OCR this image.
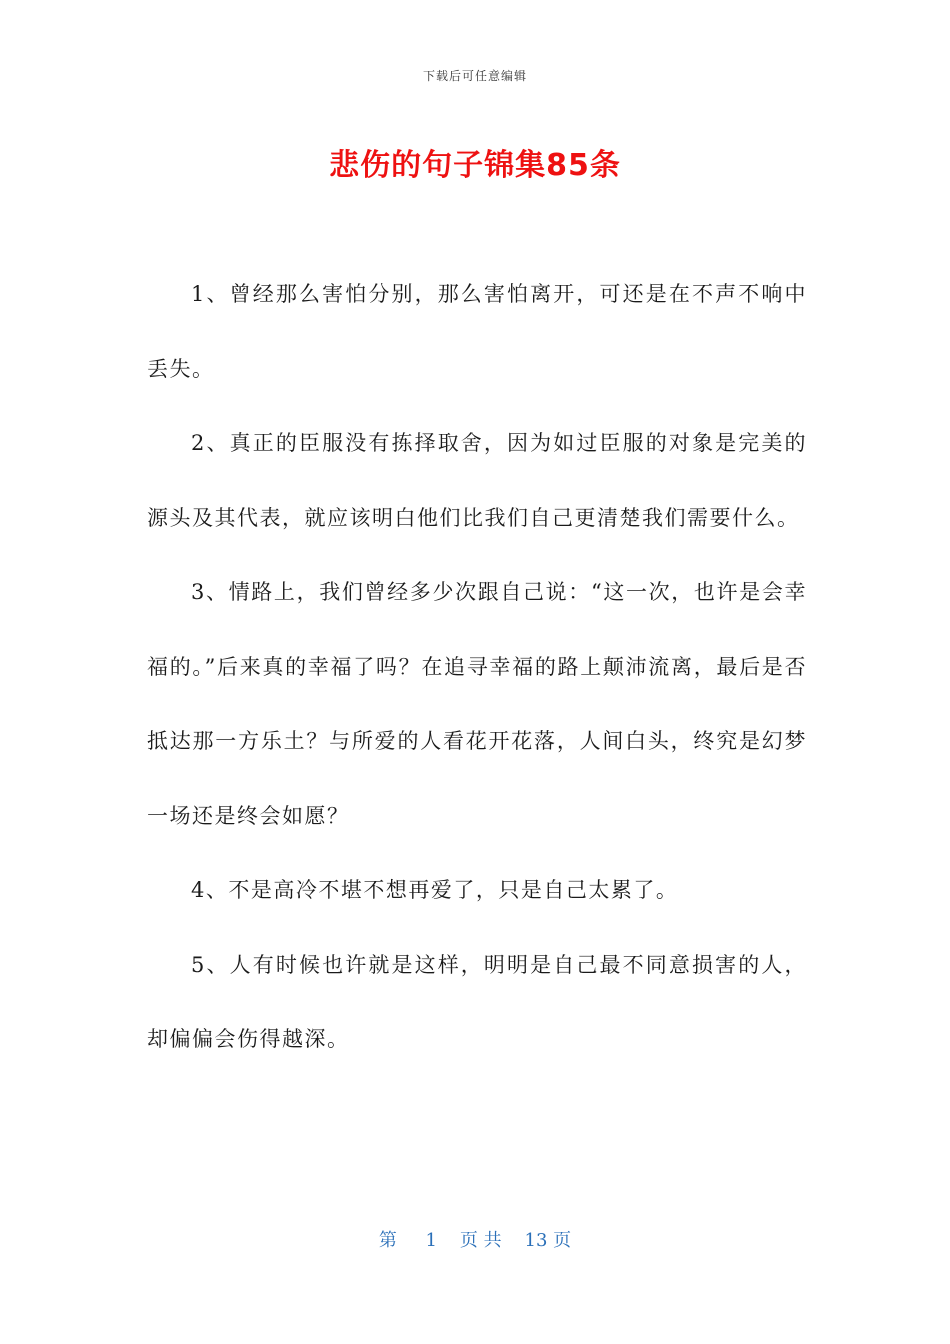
下载后可任意编辑
悲伤的句子锦集85条

1、曾经那么害怕分别，那么害怕离开，可还是在不声不响中丢失。

2、真正的臣服没有拣择取舍，因为如过臣服的对象是完美的源头及其代表，就应该明白他们比我们自己更清楚我们需要什么。

3、情路上，我们曾经多少次跟自己说：“这一次，也许是会幸福的。”后来真的幸福了吗？在追寻幸福的路上颠沛流离，最后是否抵达那一方乐土？与所爱的人看花开花落，人间白头，终究是幻梦一场还是终会如愿？

4、不是高冷不堪不想再爱了，只是自己太累了。

5、人有时候也许就是这样，明明是自己最不同意损害的人，却偏偏会伤得越深。

第 1 页 共 13 页
